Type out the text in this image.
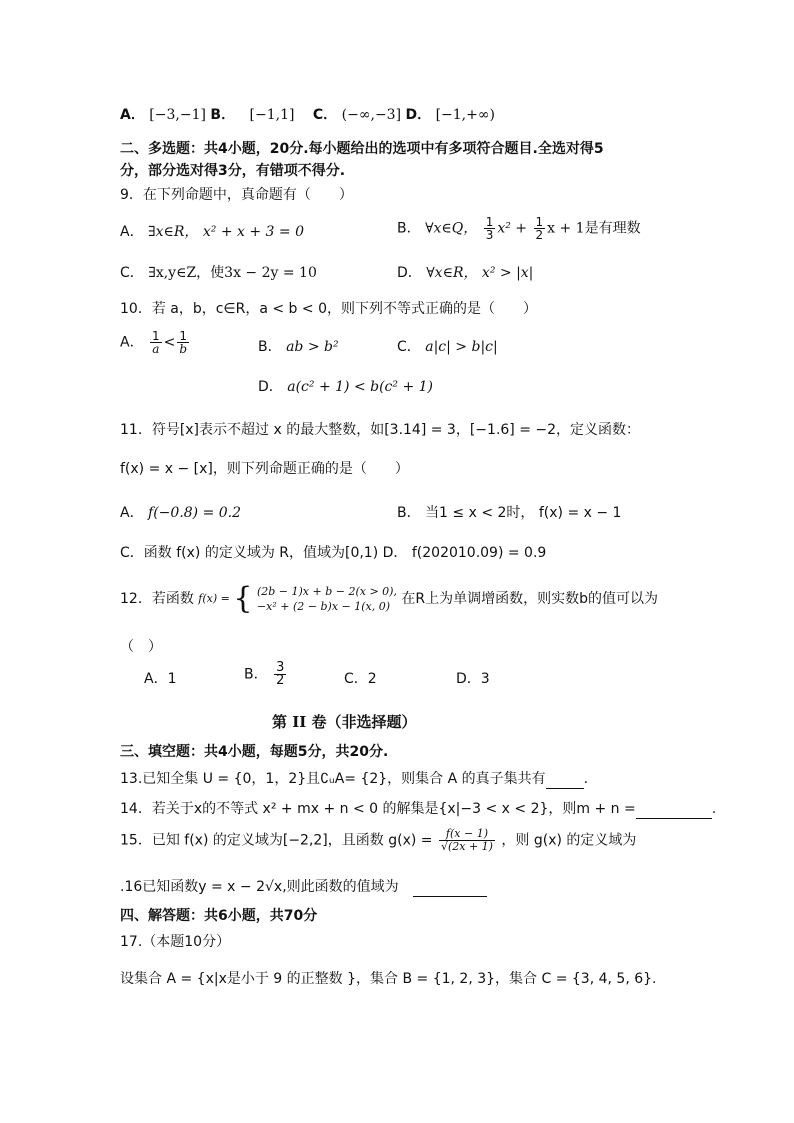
A． [−3,−1] B． [−1,1] C． (−∞,−3] D． [−1,+∞)
二、多选题：共4小题，20分.每小题给出的选项中有多项符合题目.全选对得5
分，部分选对得3分，有错项不得分.
9．在下列命题中，真命题有（　　）
A． ∃x∈R， x² + x + 3 = 0	B． ∀x∈Q， $\frac{1}{3} x^2 + \frac{1}{2}$ x + 1是有理数
C． ∃x,y∈Z，使3x − 2y = 10	D． ∀x∈R， x² > |x|
10．若 a，b，c∈R，a < b < 0，则下列不等式正确的是（　　）
A． $\frac{1}{a} < \frac{1}{b}$	B． ab > b²	C． a|c| > b|c|
D． a(c² + 1) < b(c² + 1)
11．符号[x]表示不超过 x 的最大整数，如[3.14] = 3，[−1.6] = −2，定义函数：
f(x) = x − [x]，则下列命题正确的是（　　）
A． f(−0.8) = 0.2	B． 当1 ≤ x < 2时， f(x) = x − 1
C．函数 f(x) 的定义域为 R，值域为[0,1) D． f(202010.09) = 0.9
12．若函数 f(x) = { (2b − 1)x + b − 2(x > 0),
−x² + (2 − b)x − 1(x, 0) 在R上为单调增函数，则实数b的值可以为
（　）
A．1	B． $\frac{3}{2}$	C．2	D．3
第 II 卷（非选择题）
三、填空题：共4小题，每题5分，共20分.
13.已知全集 U = {0，1，2}且∁ᵤA= {2}，则集合 A 的真子集共有	.
14．若关于x的不等式 x² + mx + n < 0 的解集是{x|−3 < x < 2}，则m + n =	.
15．已知 f(x) 的定义域为[−2,2]，且函数 $g(x) = \frac{f(x - 1)}{√(2x + 1)}$ ，则 g(x) 的定义域为
.16已知函数y = x − 2√x,则此函数的值域为
四、解答题：共6小题，共70分
17.（本题10分）
设集合 A = {x|x是小于 9 的正整数 }，集合 B = {1, 2, 3}，集合 C = {3, 4, 5, 6}.
